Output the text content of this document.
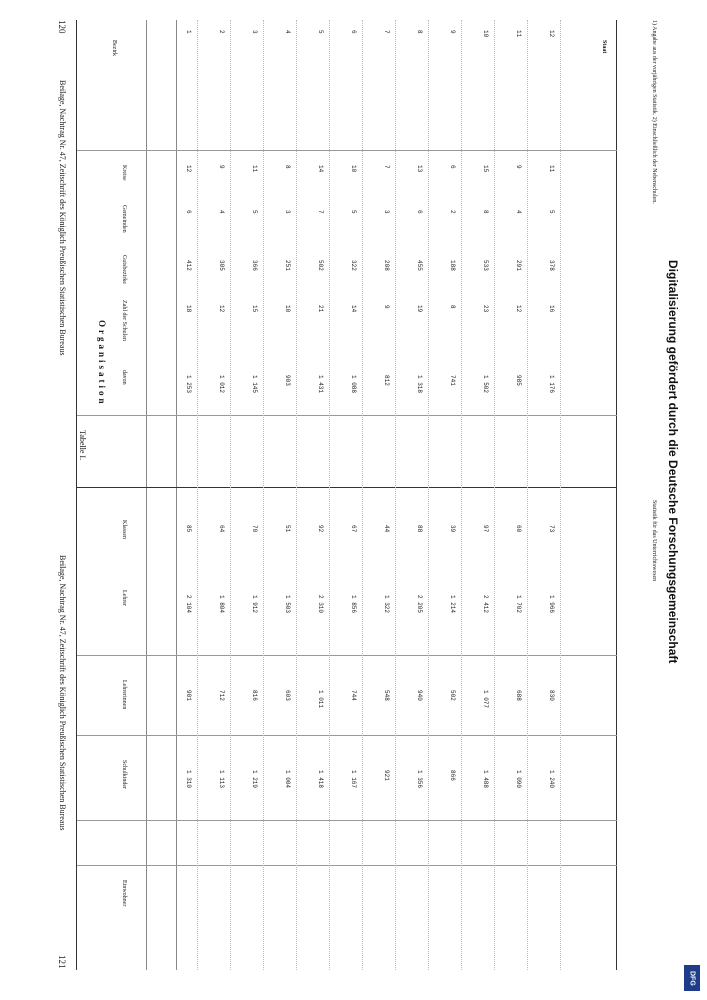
120
Beilage, Nachtrag Nr. 47, Zeitschrift des Königlich Preußischen Statistischen Bureaus
Beilage, Nachtrag Nr. 47, Zeitschrift des Königlich Preußischen Statistischen Bureaus
121
Organisation
Tabelle I.
Bezirk
Kreise
Gemeinden
Gutsbezirke
Zahl der Schulen
davon
Klassen
Lehrer
Lehrerinnen
Schulkinder
Einwohner
1
12
6
412
18
1 253
85
2 104
901
1 310
2
9
4
305
12
1 012
64
1 804
712
1 113
3
11
5
366
15
1 145
70
1 912
816
1 219
4
8
3
251
10
903
51
1 503
603
1 004
5
14
7
502
21
1 431
92
2 310
1 011
1 418
6
10
5
322
14
1 088
67
1 856
744
1 167
7
7
3
208
9
812
44
1 322
548
921
8
13
6
455
19
1 318
88
2 205
940
1 356
9
6
2
188
8
741
39
1 214
502
866
10
15
8
533
23
1 502
97
2 412
1 077
1 488
11
9
4
291
12
985
60
1 702
688
1 090
12
11
5
378
16
1 176
73
1 966
830
1 240
Staat	1) Angabe aus der vorjährigen Statistik. 2) Einschließlich der Nebenschulen.
Statistik für das Unterrichtswesen Digitalisierung gefördert durch die Deutsche Forschungsgemeinschaft
DFG
